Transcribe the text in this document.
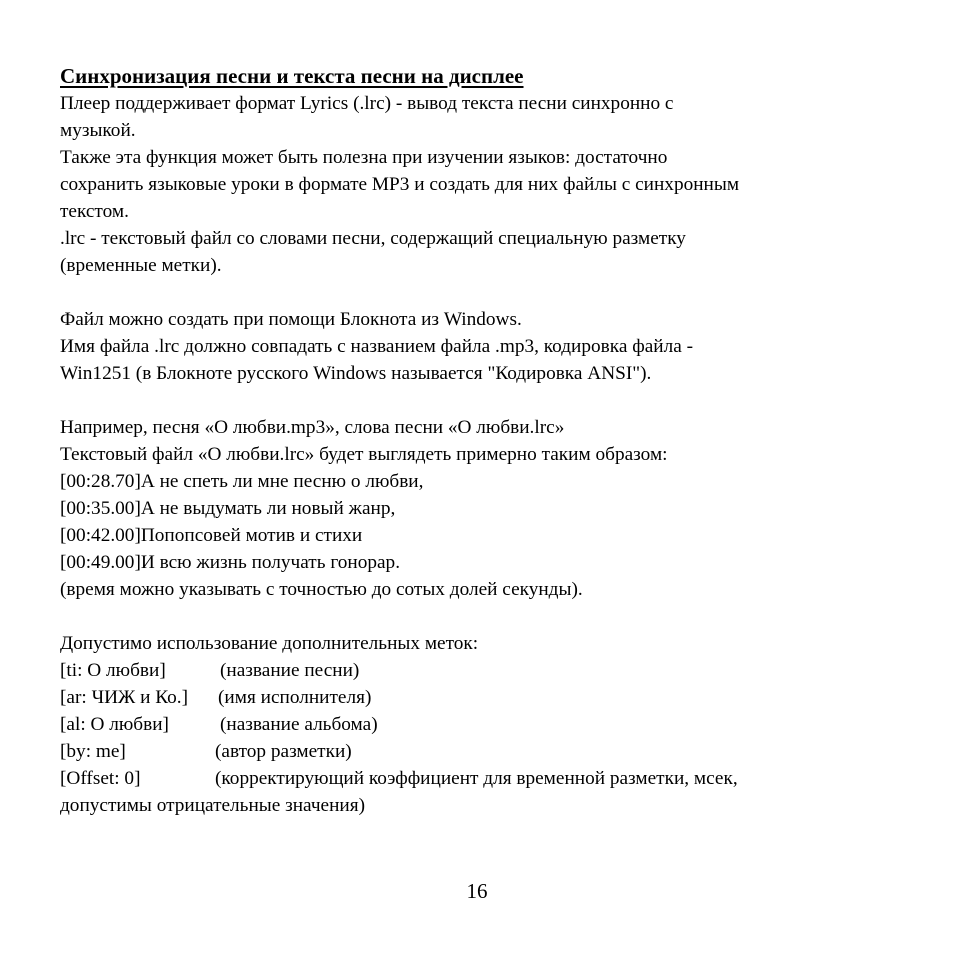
Синхронизация песни и текста песни на дисплее

Плеер поддерживает формат Lyrics (.lrc) - вывод текста песни синхронно с

музыкой.

Также эта функция может быть полезна при изучении языков: достаточно

сохранить языковые уроки в формате MP3 и создать для них файлы с синхронным

текстом.

.lrc - текстовый файл со словами песни, содержащий специальную разметку

(временные метки).

Файл можно создать при помощи Блокнота из Windows.

Имя файла .lrc должно совпадать с названием файла .mp3, кодировка файла -

Win1251 (в Блокноте русского Windows называется "Кодировка ANSI").

Например, песня «О любви.mp3», слова песни «О любви.lrc»

Текстовый файл «О любви.lrc» будет выглядеть примерно таким образом:

[00:28.70]А не спеть ли мне песню о любви,

[00:35.00]А не выдумать ли новый жанр,

[00:42.00]Попопсовей мотив и стихи

[00:49.00]И всю жизнь получать гонорар.

(время можно указывать с точностью до сотых долей секунды).

Допустимо использование дополнительных меток:

[ti: О любви]	(название песни)
[ar: ЧИЖ и Ко.]	(имя исполнителя)
[al: О любви]	(название альбома)
[by: me]	(автор разметки)
[Offset: 0]	(корректирующий коэффициент для временной разметки, мсек,

допустимы отрицательные значения)

16
